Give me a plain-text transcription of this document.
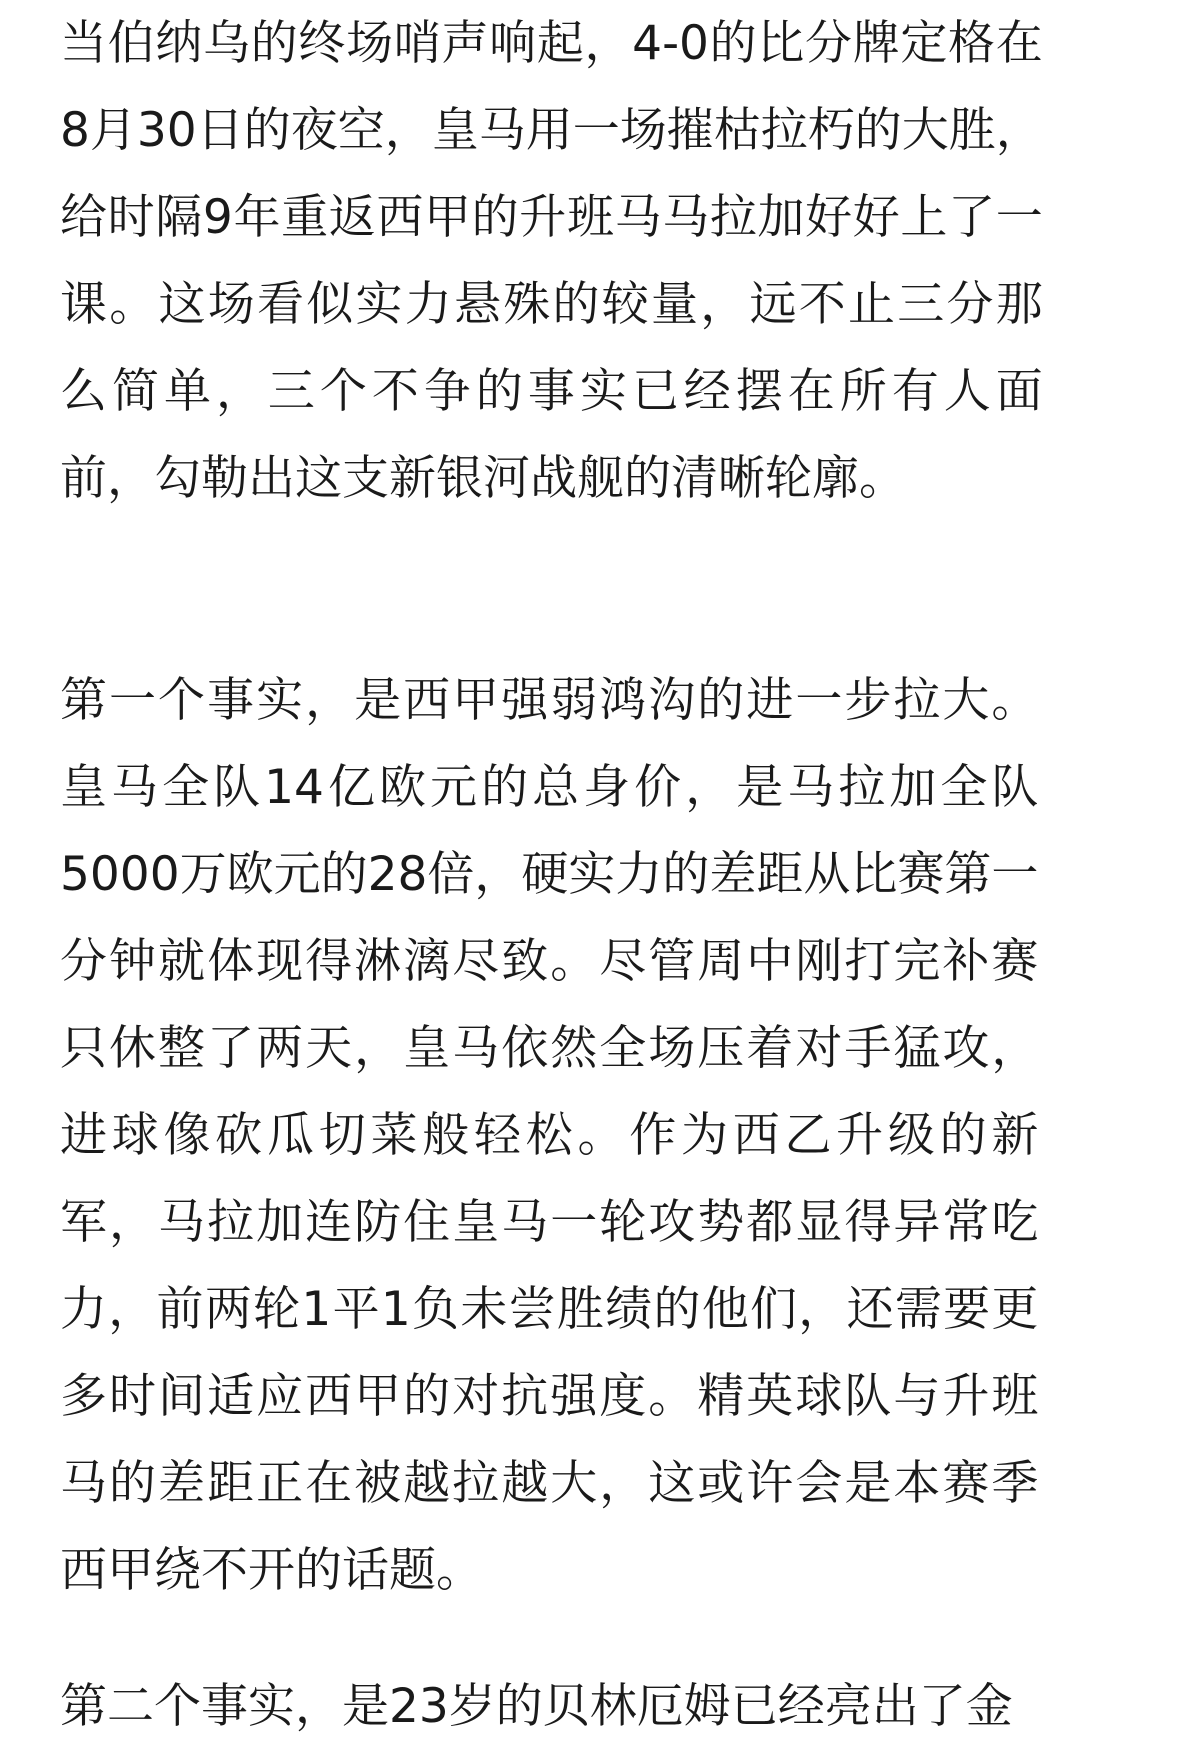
当伯纳乌的终场哨声响起，4-0的比分牌定格在
8月30日的夜空，皇马用一场摧枯拉朽的大胜，
给时隔9年重返西甲的升班马马拉加好好上了一
课。这场看似实力悬殊的较量，远不止三分那
么简单，三个不争的事实已经摆在所有人面
前，勾勒出这支新银河战舰的清晰轮廓。
第一个事实，是西甲强弱鸿沟的进一步拉大。
皇马全队14亿欧元的总身价，是马拉加全队
5000万欧元的28倍，硬实力的差距从比赛第一
分钟就体现得淋漓尽致。尽管周中刚打完补赛
只休整了两天，皇马依然全场压着对手猛攻，
进球像砍瓜切菜般轻松。作为西乙升级的新
军，马拉加连防住皇马一轮攻势都显得异常吃
力，前两轮1平1负未尝胜绩的他们，还需要更
多时间适应西甲的对抗强度。精英球队与升班
马的差距正在被越拉越大，这或许会是本赛季
西甲绕不开的话题。
第二个事实，是23岁的贝林厄姆已经亮出了金
